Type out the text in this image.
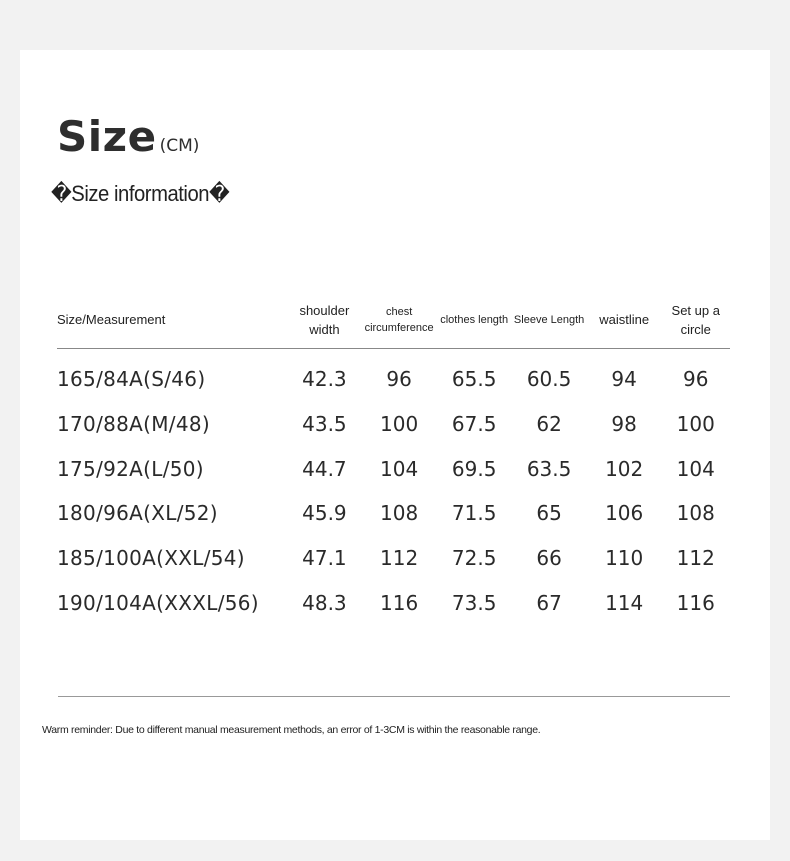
Size (CM)
�Size information�
Size/Measurement	shoulder width	chest circumference	clothes length	Sleeve Length	waistline	Set up a circle
165/84A(S/46)	42.3	96	65.5	60.5	94	96
170/88A(M/48)	43.5	100	67.5	62	98	100
175/92A(L/50)	44.7	104	69.5	63.5	102	104
180/96A(XL/52)	45.9	108	71.5	65	106	108
185/100A(XXL/54)	47.1	112	72.5	66	110	112
190/104A(XXXL/56)	48.3	116	73.5	67	114	116
Warm reminder: Due to different manual measurement methods, an error of 1-3CM is within the reasonable range.
